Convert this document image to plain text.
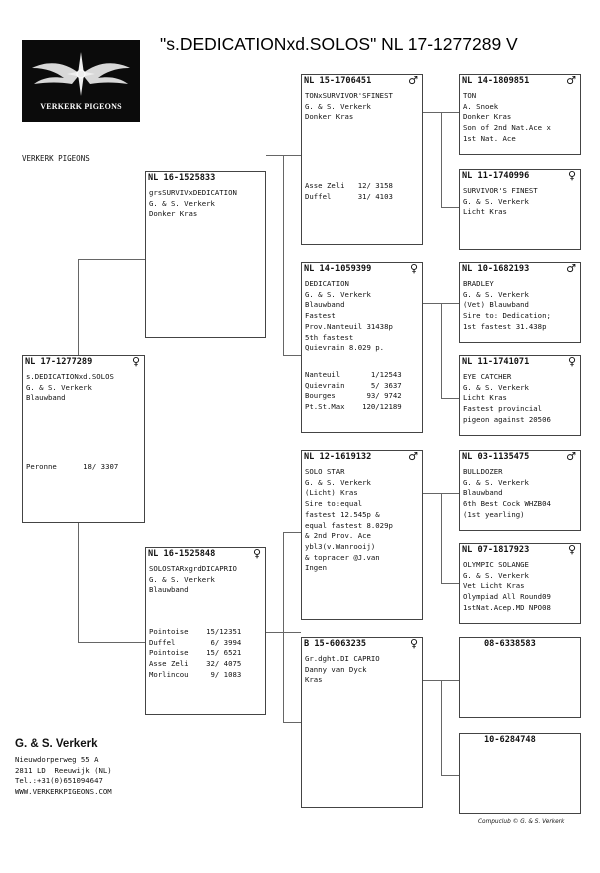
VERKERK PIGEONS
"s.DEDICATIONxd.SOLOS" NL 17-1277289 V
VERKERK PIGEONS
NL 17-1277289	♀
s.DEDICATIONxd.SOLOS
G. & S. Verkerk
Blauwband
Peronne      18/ 3307
NL 16-1525833
grsSURVIVxDEDICATION
G. & S. Verkerk
Donker Kras
NL 16-1525848	♀
SOLOSTARxgrdDICAPRIO
G. & S. Verkerk
Blauwband
Pointoise    15/12351
Duffel        6/ 3994
Pointoise    15/ 6521
Asse Zeli    32/ 4075
Morlincou     9/ 1083
NL 15-1706451	♂
TONxSURVIVOR'SFINEST
G. & S. Verkerk
Donker Kras
Asse Zeli   12/ 3158
Duffel      31/ 4103
NL 14-1059399	♀
DEDICATION
G. & S. Verkerk
Blauwband
Fastest
Prov.Nanteuil 31438p
5th fastest
Quievrain 8.029 p.
Nanteuil       1/12543
Quievrain      5/ 3637
Bourges       93/ 9742
Pt.St.Max    120/12189
NL 12-1619132	♂
SOLO STAR
G. & S. Verkerk
(Licht) Kras
Sire to:equal
fastest 12.545p &
equal fastest 8.029p
& 2nd Prov. Ace
ybl3(v.Wanrooij)
& topracer @J.van
Ingen
B 15-6063235	♀
Gr.dght.DI CAPRIO
Danny van Dyck
Kras
NL 14-1809851	♂
TON
A. Snoek
Donker Kras
Son of 2nd Nat.Ace x
1st Nat. Ace
NL 11-1740996	♀
SURVIVOR'S FINEST
G. & S. Verkerk
Licht Kras
NL 10-1682193	♂
BRADLEY
G. & S. Verkerk
(Vet) Blauwband
Sire to: Dedication;
1st fastest 31.438p
NL 11-1741071	♀
EYE CATCHER
G. & S. Verkerk
Licht Kras
Fastest provincial
pigeon against 20506
NL 03-1135475	♂
BULLDOZER
G. & S. Verkerk
Blauwband
6th Best Cock WHZB04
(1st yearling)
NL 07-1817923	♀
OLYMPIC SOLANGE
G. & S. Verkerk
Vet Licht Kras
Olympiad All Round09
1stNat.Acep.MD NPO08
08-6338583
10-6284748
G. & S. Verkerk
Nieuwdorperweg 55 A
2811 LD  Reeuwijk (NL)
Tel.:+31(0)651094647
WWW.VERKERKPIGEONS.COM
Compuclub © G. & S. Verkerk
